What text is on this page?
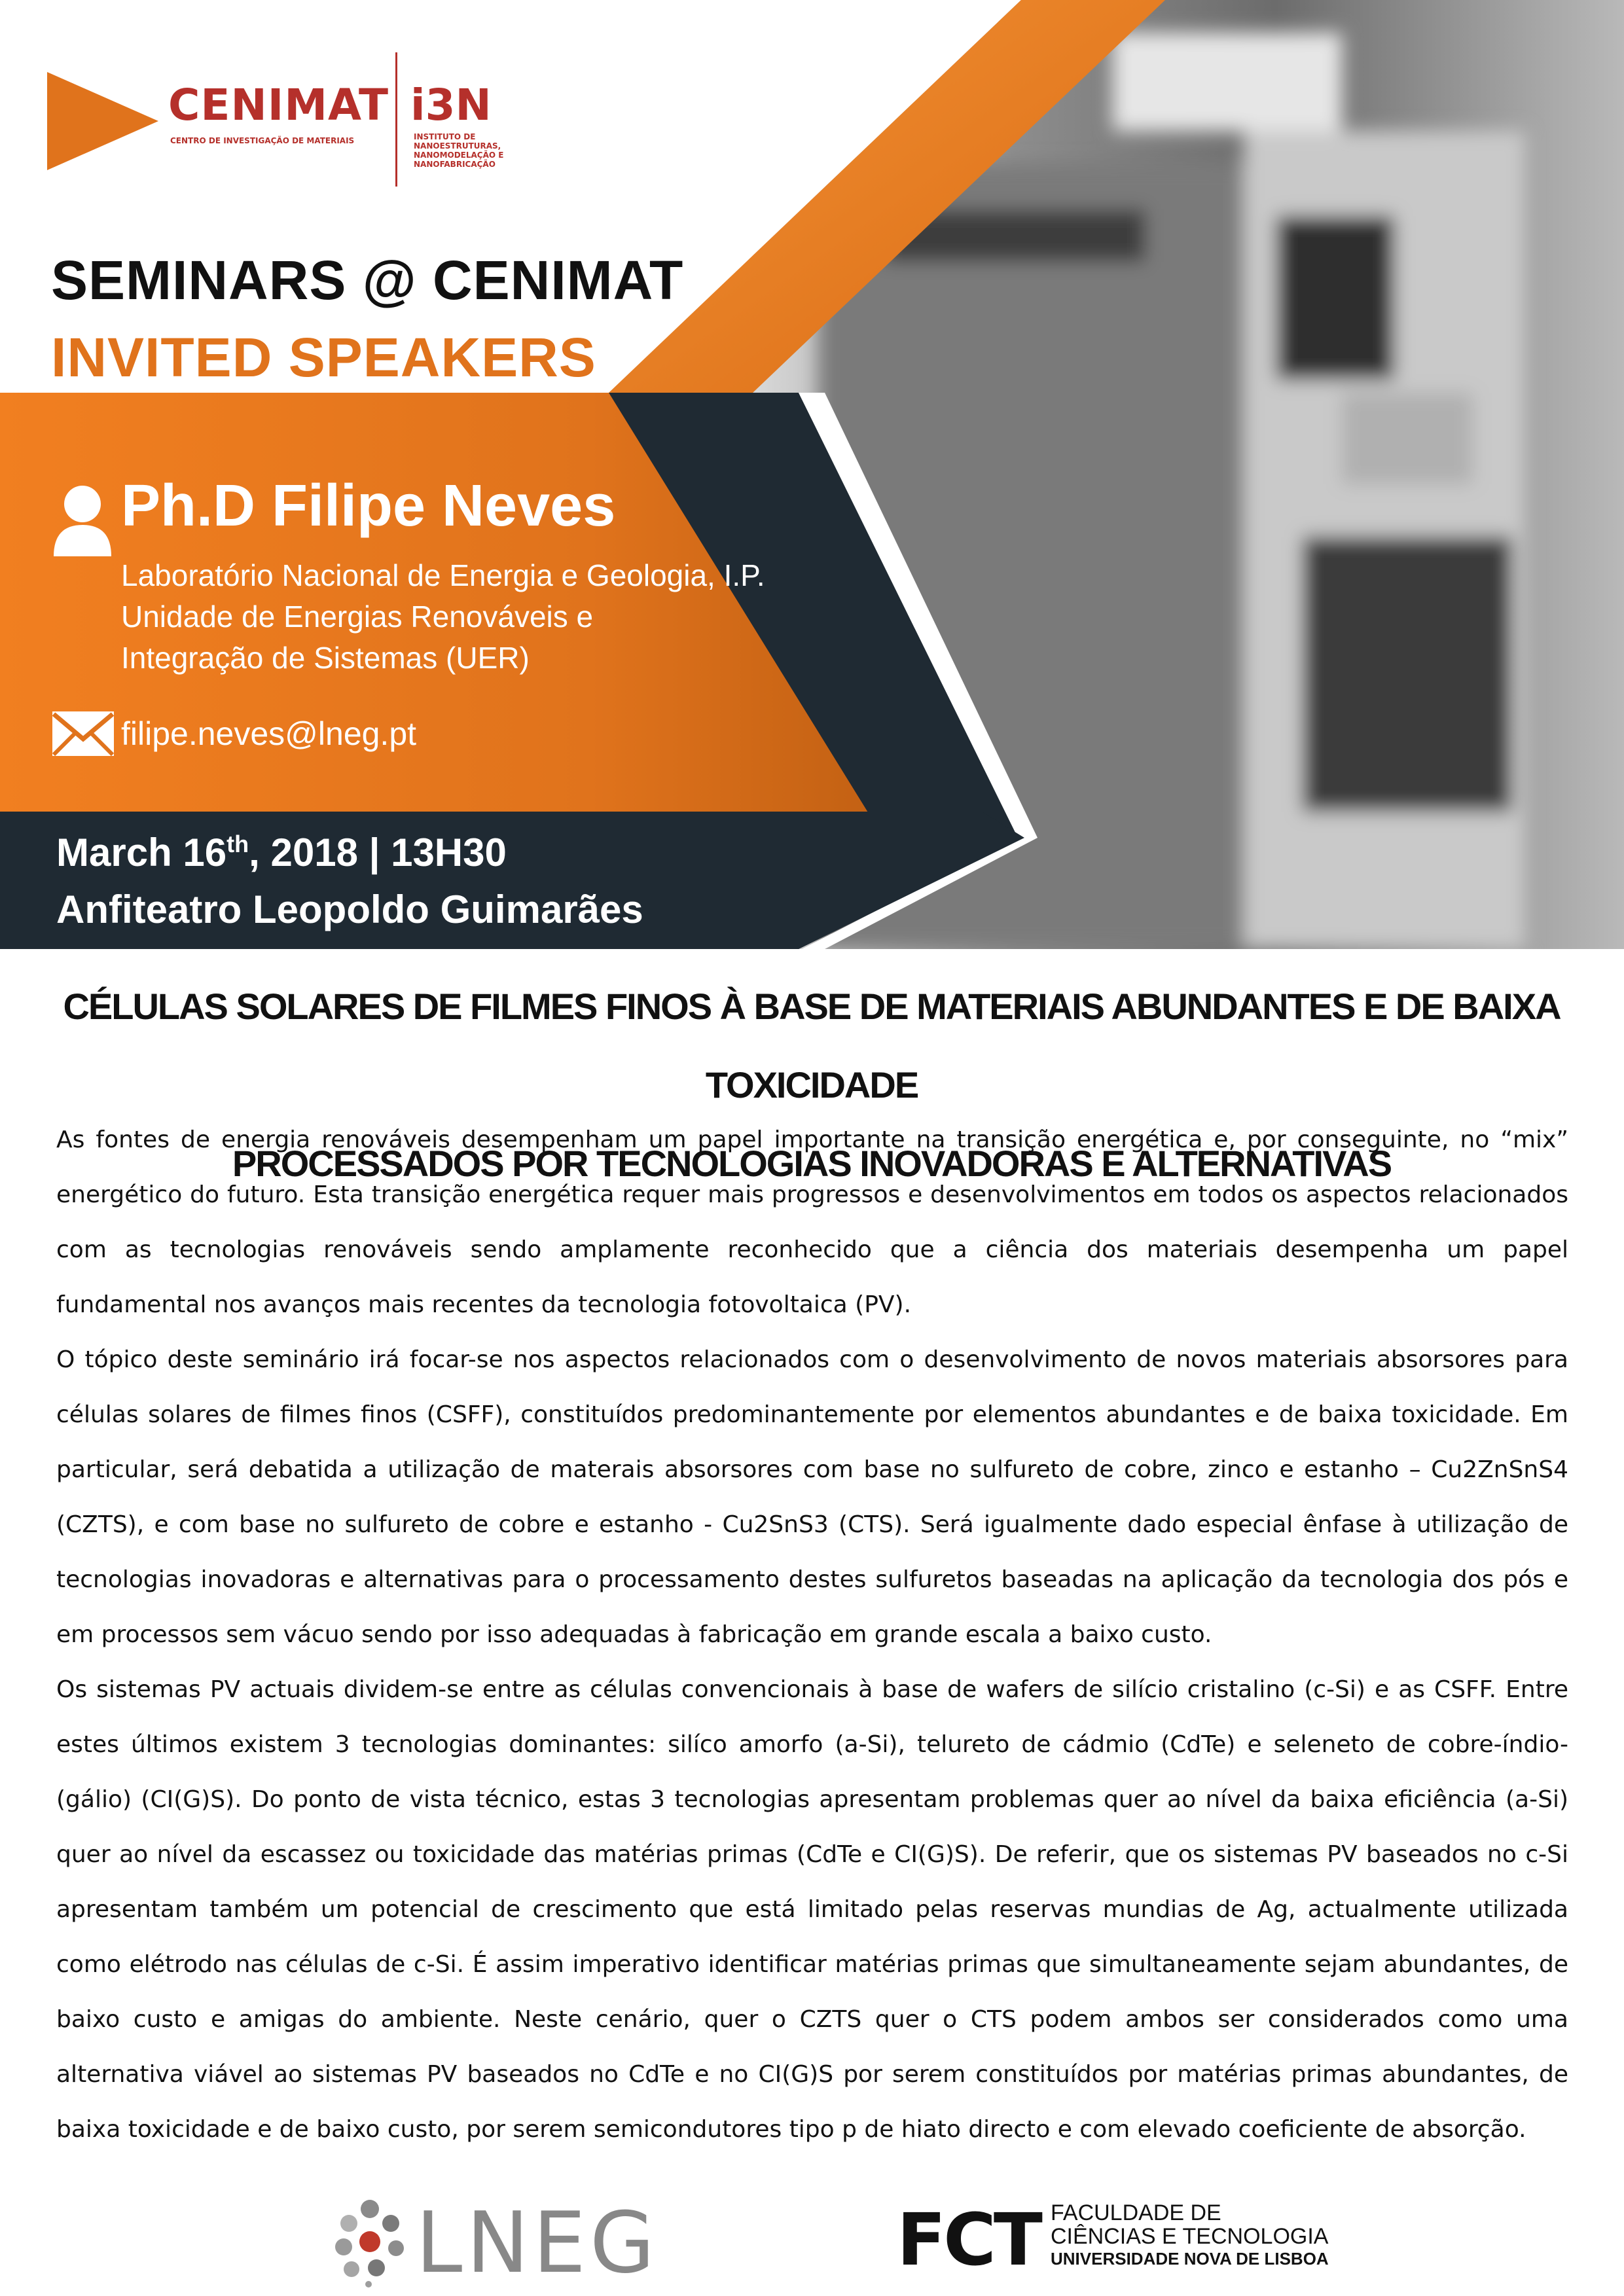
CENIMAT
CENTRO DE INVESTIGAÇÃO DE MATERIAIS
i3N
INSTITUTO DE NANOESTRUTURAS, NANOMODELAÇÃO E NANOFABRICAÇÃO
SEMINARS @ CENIMAT
INVITED SPEAKERS
Ph.D Filipe Neves
Laboratório Nacional de Energia e Geologia, I.P.
Unidade de Energias Renováveis e
Integração de Sistemas (UER)
filipe.neves@lneg.pt
March 16th, 2018 | 13H30
Anfiteatro Leopoldo Guimarães
CÉLULAS SOLARES DE FILMES FINOS À BASE DE MATERIAIS ABUNDANTES E DE BAIXA TOXICIDADE
PROCESSADOS POR TECNOLOGIAS INOVADORAS E ALTERNATIVAS

As fontes de energia renováveis desempenham um papel importante na transição energética e, por conseguinte, no “mix” energético do futuro. Esta transição energética requer mais progressos e desenvolvimentos em todos os aspectos relacionados com as tecnologias renováveis sendo amplamente reconhecido que a ciência dos materiais desempenha um papel fundamental nos avanços mais recentes da tecnologia fotovoltaica (PV).

O tópico deste seminário irá focar-se nos aspectos relacionados com o desenvolvimento de novos materiais absorsores para células solares de filmes finos (CSFF), constituídos predominantemente por elementos abundantes e de baixa toxicidade. Em particular, será debatida a utilização de materais absorsores com base no sulfureto de cobre, zinco e estanho – Cu2ZnSnS4 (CZTS), e com base no sulfureto de cobre e estanho - Cu2SnS3 (CTS). Será igualmente dado especial ênfase à utilização de tecnologias inovadoras e alternativas para o processamento destes sulfuretos baseadas na aplicação da tecnologia dos pós e em processos sem vácuo sendo por isso adequadas à fabricação em grande escala a baixo custo.

Os sistemas PV actuais dividem-se entre as células convencionais à base de wafers de silício cristalino (c-Si) e as CSFF. Entre estes últimos existem 3 tecnologias dominantes: silíco amorfo (a-Si), telureto de cádmio (CdTe) e seleneto de cobre-índio-(gálio) (CI(G)S). Do ponto de vista técnico, estas 3 tecnologias apresentam problemas quer ao nível da baixa eficiência (a-Si) quer ao nível da escassez ou toxicidade das matérias primas (CdTe e CI(G)S). De referir, que os sistemas PV baseados no c-Si apresentam também um potencial de crescimento que está limitado pelas reservas mundias de Ag, actualmente utilizada como elétrodo nas células de c-Si. É assim imperativo identificar matérias primas que simultaneamente sejam abundantes, de baixo custo e amigas do ambiente. Neste cenário, quer o CZTS quer o CTS podem ambos ser considerados como uma alternativa viável ao sistemas PV baseados no CdTe e no CI(G)S por serem constituídos por matérias primas abundantes, de baixa toxicidade e de baixo custo, por serem semicondutores tipo p de hiato directo e com elevado coeficiente de absorção.

LNEG	FCT FACULDADE DE
CIÊNCIAS E TECNOLOGIA
UNIVERSIDADE NOVA DE LISBOA
